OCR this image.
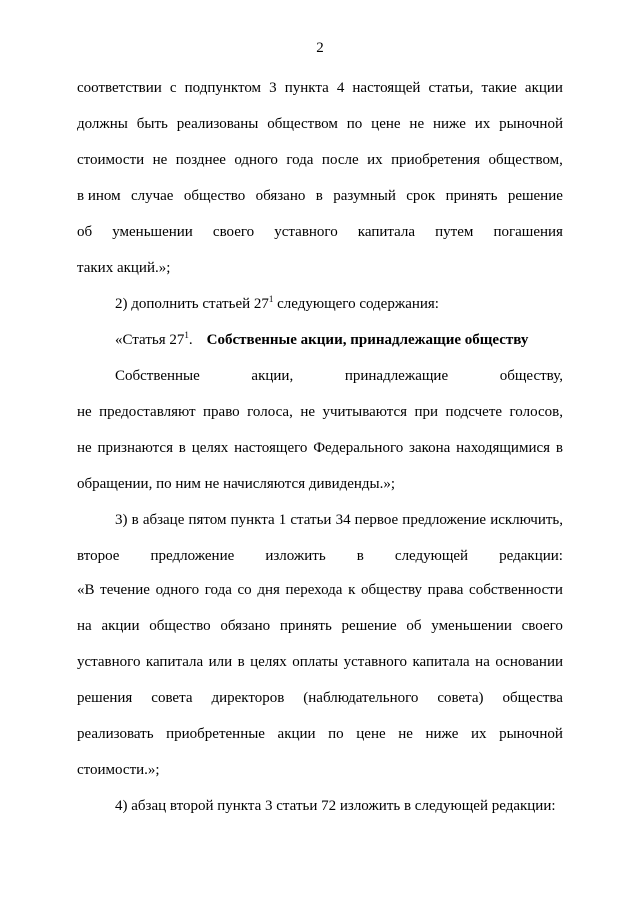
2
соответствии с подпунктом 3 пункта 4 настоящей статьи, такие акции
должны быть реализованы обществом по цене не ниже их рыночной
стоимости не позднее одного года после их приобретения обществом,
в ином случае общество обязано в разумный срок принять решение
об уменьшении своего уставного капитала путем погашения
таких акций.»;
2) дополнить статьей $27^1$ следующего содержания:
«Статья $27^1$. Собственные акции, принадлежащие обществу
Собственные	акции,	принадлежащие	обществу,
не предоставляют право голоса, не учитываются при подсчете голосов,
не признаются в целях настоящего Федерального закона находящимися в
обращении, по ним не начисляются дивиденды.»;
3) в абзаце пятом пункта 1 статьи 34 первое предложение исключить,
второе предложение изложить в следующей редакции:
«В течение одного года со дня перехода к обществу права собственности
на акции общество обязано принять решение об уменьшении своего
уставного капитала или в целях оплаты уставного капитала на основании
решения совета директоров (наблюдательного совета) общества
реализовать приобретенные акции по цене не ниже их рыночной
стоимости.»;
4) абзац второй пункта 3 статьи 72 изложить в следующей редакции:
